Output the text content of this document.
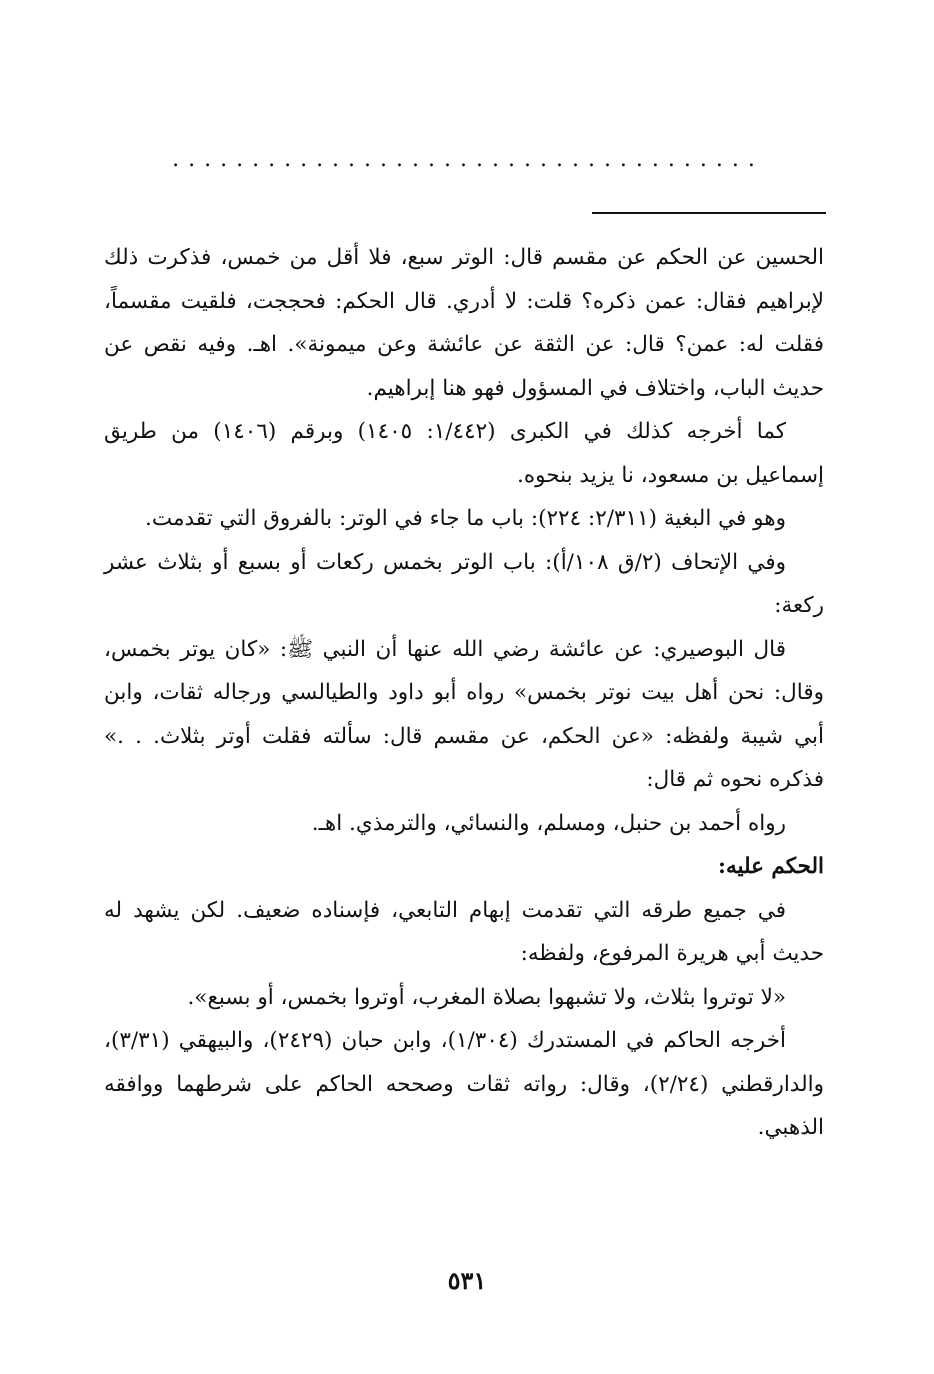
.....................................

الحسين عن الحكم عن مقسم قال: الوتر سبع، فلا أقل من خمس، فذكرت ذلك لإبراهيم فقال: عمن ذكره؟ قلت: لا أدري. قال الحكم: فحججت، فلقيت مقسماً، فقلت له: عمن؟ قال: عن الثقة عن عائشة وعن ميمونة». اهـ. وفيه نقص عن حديث الباب، واختلاف في المسؤول فهو هنا إبراهيم.

كما أخرجه كذلك في الكبرى (١/٤٤٢: ١٤٠٥) وبرقم (١٤٠٦) من طريق إسماعيل بن مسعود، نا يزيد بنحوه.

وهو في البغية (٢/٣١١: ٢٢٤): باب ما جاء في الوتر: بالفروق التي تقدمت.

وفي الإتحاف (٢/ق ١٠٨/أ): باب الوتر بخمس ركعات أو بسبع أو بثلاث عشر ركعة:

قال البوصيري: عن عائشة رضي الله عنها أن النبي ﷺ: «كان يوتر بخمس، وقال: نحن أهل بيت نوتر بخمس» رواه أبو داود والطيالسي ورجاله ثقات، وابن أبي شيبة ولفظه: «عن الحكم، عن مقسم قال: سألته فقلت أوتر بثلاث. . .» فذكره نحوه ثم قال:

رواه أحمد بن حنبل، ومسلم، والنسائي، والترمذي. اهـ.

الحكم عليه:

في جميع طرقه التي تقدمت إبهام التابعي، فإسناده ضعيف. لكن يشهد له حديث أبي هريرة المرفوع، ولفظه:

«لا توتروا بثلاث، ولا تشبهوا بصلاة المغرب، أوتروا بخمس، أو بسبع».

أخرجه الحاكم في المستدرك (١/٣٠٤)، وابن حبان (٢٤٢٩)، والبيهقي (٣/٣١)، والدارقطني (٢/٢٤)، وقال: رواته ثقات وصححه الحاكم على شرطهما ووافقه الذهبي.

٥٣١
